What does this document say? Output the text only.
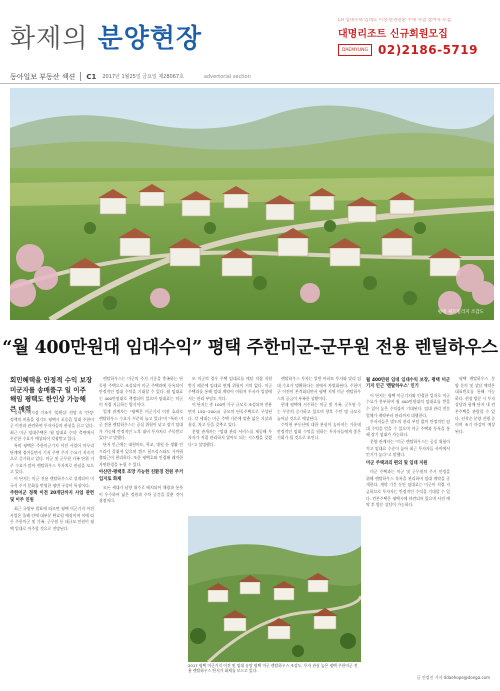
화제의 분양현장
LH 임대주택 임대료 이상·분양전환 주택 사업 참여자 모집
대명리조트 신규회원모집
DAEMYUNG 02)2186-5719
동아일보 부동산 섹션 C1 2017년 1월25일 금요일 제28067호	advertorial section
평택 제트빌리지 조감도
“월 400만원대 임대수익” 평택 주한미군-군무원 전용 렌틸하우스
회민혜택을 안정적 수익 보장 미군자를 송매품구 일 이주 해임 평택도 한인상 가능해 큰 매력

올해 주택시장 기조가 '불확실' 전망 속 '안정' 정책의 비율을 경기도 평택시 포승읍 일대 주한미군 이전과 관련하여 투자자들의 관심을 끌고 있다. 최근 미군 임대주택은 '월 임대료 수익' 측면에서 꾸준한 수요가 예상되어 각광받고 있다.

특히 평택은 주한미군기지 이전 사업이 마무리 단계에 접어들면서 기지 주변 주거 수요가 지속적으로 증가하고 있다. 미군 및 군무원 가족 단위 거주 수요가 많아 렌탈하우스 투자처로 관심을 모으고 있다.

이 단지는 미군 전용 렌탈하우스로 설계되어 미국식 주거 문화를 반영한 평면 구성이 특징이다.

주한미군 정책 이전 20개단까지 사업 관련 및 이주 인원

최근 국방부 발표에 따르면 평택 미군기지 이전 사업은 올해 안에 대부분 완료될 예정이며 이에 따른 주한미군 및 가족, 군무원 등 대규모 인원이 평택 일대로 이주할 것으로 전망된다.

렌탈하우스는 미군의 주거 기준을 충족하는 단독형 주택으로 조성되며 미군 주택과에 등록되어 안정적인 임대 수익을 기대할 수 있다. 월 임대료는 400만원대로 책정되어 있으며 임대료는 미군이 직접 지급하는 방식이다.

업계 관계자는 "평택은 미군기지 이전 효과로 렌탈하우스 수요가 꾸준히 늘고 있다"며 "특히 미군 전용 렌탈하우스는 공실 위험이 낮고 장기 임대가 가능해 안정적인 노후 대비 투자처로 주목받고 있다"고 말했다.

단지 인근에는 대형마트, 학교, 병원 등 생활 인프라가 갖춰져 있으며 캠프 험프리스와도 가까워 출퇴근이 편리하다. 또한 평택호와 인접해 쾌적한 자연환경을 누릴 수 있다.

아산만·평택호 조망 가능한 친환경 전원 주거 입지로 화제

모든 세대가 남향 위주로 배치되어 채광과 통풍이 우수하며 넓은 정원과 주차 공간을 갖춘 것이 장점이다.

또 미군의 경우 주택 임대료를 매달 직접 지원받기 때문에 임대료 연체 위험이 거의 없다. 미군 주택과를 통해 임대 계약이 이뤄져 투자자 입장에서는 관리 부담도 적다.

이 단지는 총 100여 가구 규모로 조성되며 전용면적 150~200㎡ 규모의 단독주택으로 구성된다. 각 세대는 미군 주택 기준에 맞춘 넓은 거실과 침실, 차고 등을 갖추고 있다.

분양 관계자는 "임대 관리 서비스를 제공해 투자자가 직접 관리하지 않아도 되는 시스템을 갖췄다"고 설명했다.

렌탈하우스 투자는 일반 아파트 투자와 달리 임대 수요가 명확하다는 점에서 차별화된다. 주한미군 이전이 본격화되면서 평택 지역 미군 렌탈하우스의 공급이 부족한 상황이다.

현재 평택에 거주하는 미군 및 가족, 군무원 수는 꾸준히 증가하고 있으며 향후 수만 명 규모로 늘어날 것으로 예상된다.

수익형 부동산에 대한 관심이 높아지는 가운데 안정적인 임대 수익을 원하는 투자자들에게 좋은 기회가 될 것으로 보인다.

월 400만원 임대 임대수익 보장, 평택 미군기지 인근 '렌탈하우스' 인기

이 단지는 평택 미군기지와 인접한 입지로 미군 수요가 풍부하며 월 400만원대의 임대료를 받을 수 있어 높은 수익률이 기대된다. 임대 관리 전문 업체가 계약부터 관리까지 대행한다.

투자자들은 별도의 관리 부담 없이 안정적인 임대 수익을 얻을 수 있으며 미군 주택과 등록을 통해 장기 임대가 가능하다.

분양 관계자는 "미군 렌탈하우스는 공실 위험이 적고 임대료 수준이 높아 최근 투자자들 사이에서 인기가 높다"고 말했다.

미군 주택과의 편의 및 임대 지원

미군 주택과는 미군 및 군무원의 주거 안정을 위해 렌탈하우스 목록을 관리하며 임대 계약을 중개한다. 계약 기간 동안 임대료는 미군이 직접 지급하므로 투자자는 안정적인 수익을 기대할 수 있다. 견본주택은 평택시에 마련되어 있으며 사전 예약 후 방문 상담이 가능하다.

평택 렌탈하우스 분양 문의 및 상담 예약은 대표번호를 통해 가능하다. 현장 방문 시 투자 상담과 함께 단지 내 견본주택을 관람할 수 있다. 선착순 분양 진행 중이며 조기 마감이 예상된다.

2017 평택 미군기지 이전 및 임대 유망 평택 미군 렌탈하우스 조감도. 투자 관심 높은 평택 주한미군 전용 렌탈하우스 단지가 화제를 모으고 있다.
글 안정진 기자 ddaehope@donga.com
